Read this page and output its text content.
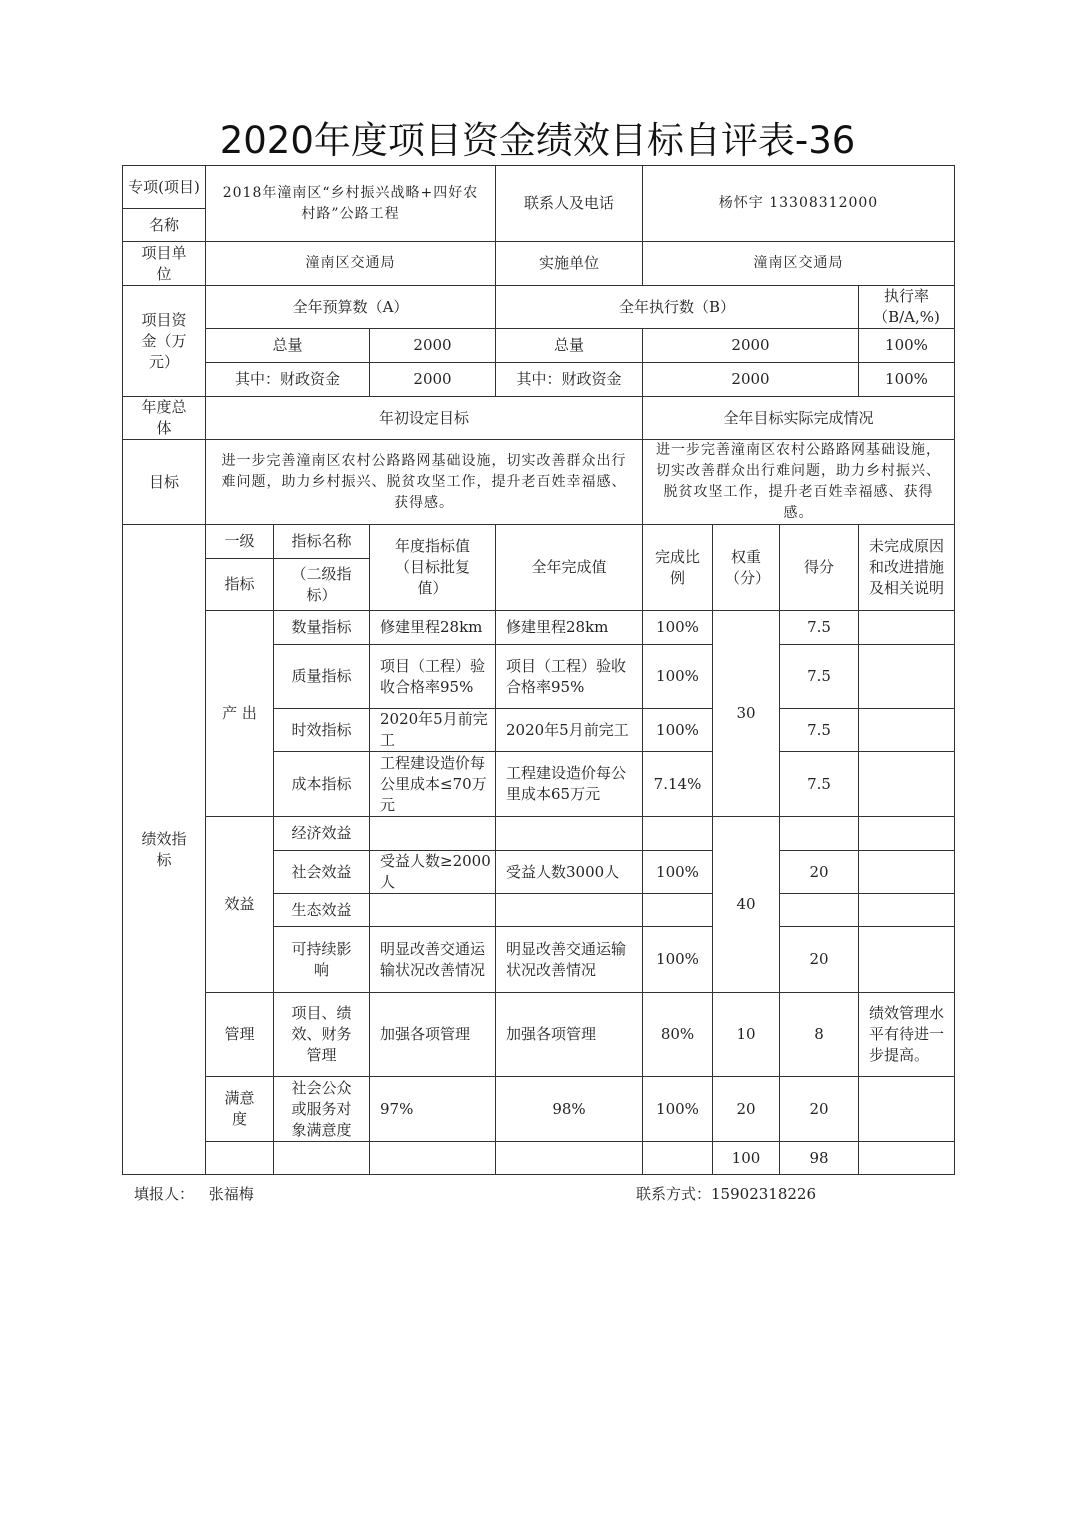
2020年度项目资金绩效目标自评表-36
专项(项目)	2018年潼南区“乡村振兴战略+四好农村路”公路工程			联系人及电话	杨怀宇 13308312000			
名称								
项目单位	潼南区交通局			实施单位	潼南区交通局			
项目资金（万元）	全年预算数（A）			全年执行数（B）				执行率（B/A,%)
	总量		2000	总量	2000			100%
	其中：财政资金		2000	其中：财政资金	2000			100%
年度总体	年初设定目标				全年目标实际完成情况			
目标	进一步完善潼南区农村公路路网基础设施，切实改善群众出行难问题，助力乡村振兴、脱贫攻坚工作，提升老百姓幸福感、获得感。				进一步完善潼南区农村公路路网基础设施，切实改善群众出行难问题，助力乡村振兴、脱贫攻坚工作，提升老百姓幸福感、获得感。			
绩效指标	一级	指标名称	年度指标值（目标批复值）	全年完成值	完成比例	权重（分）	得分	未完成原因和改进措施及相关说明
	指标	（二级指标）						
	产 出	数量指标	修建里程28km	修建里程28km	100%	30	7.5	
		质量指标	项目（工程）验收合格率95%	项目（工程）验收合格率95%	100%		7.5	
		时效指标	2020年5月前完工	2020年5月前完工	100%		7.5	
		成本指标	工程建设造价每公里成本≤70万元	工程建设造价每公里成本65万元	7.14%		7.5	
	效益	经济效益				40		
		社会效益	受益人数≥2000人	受益人数3000人	100%		20	
		生态效益						
		可持续影响	明显改善交通运输状况改善情况	明显改善交通运输状况改善情况	100%		20	
	管理	项目、绩效、财务管理	加强各项管理	加强各项管理	80%	10	8	绩效管理水平有待进一步提高。
	满意度	社会公众或服务对象满意度	97%	98%	100%	20	20	
						100	98	
填报人： 张福梅	联系方式：15902318226
